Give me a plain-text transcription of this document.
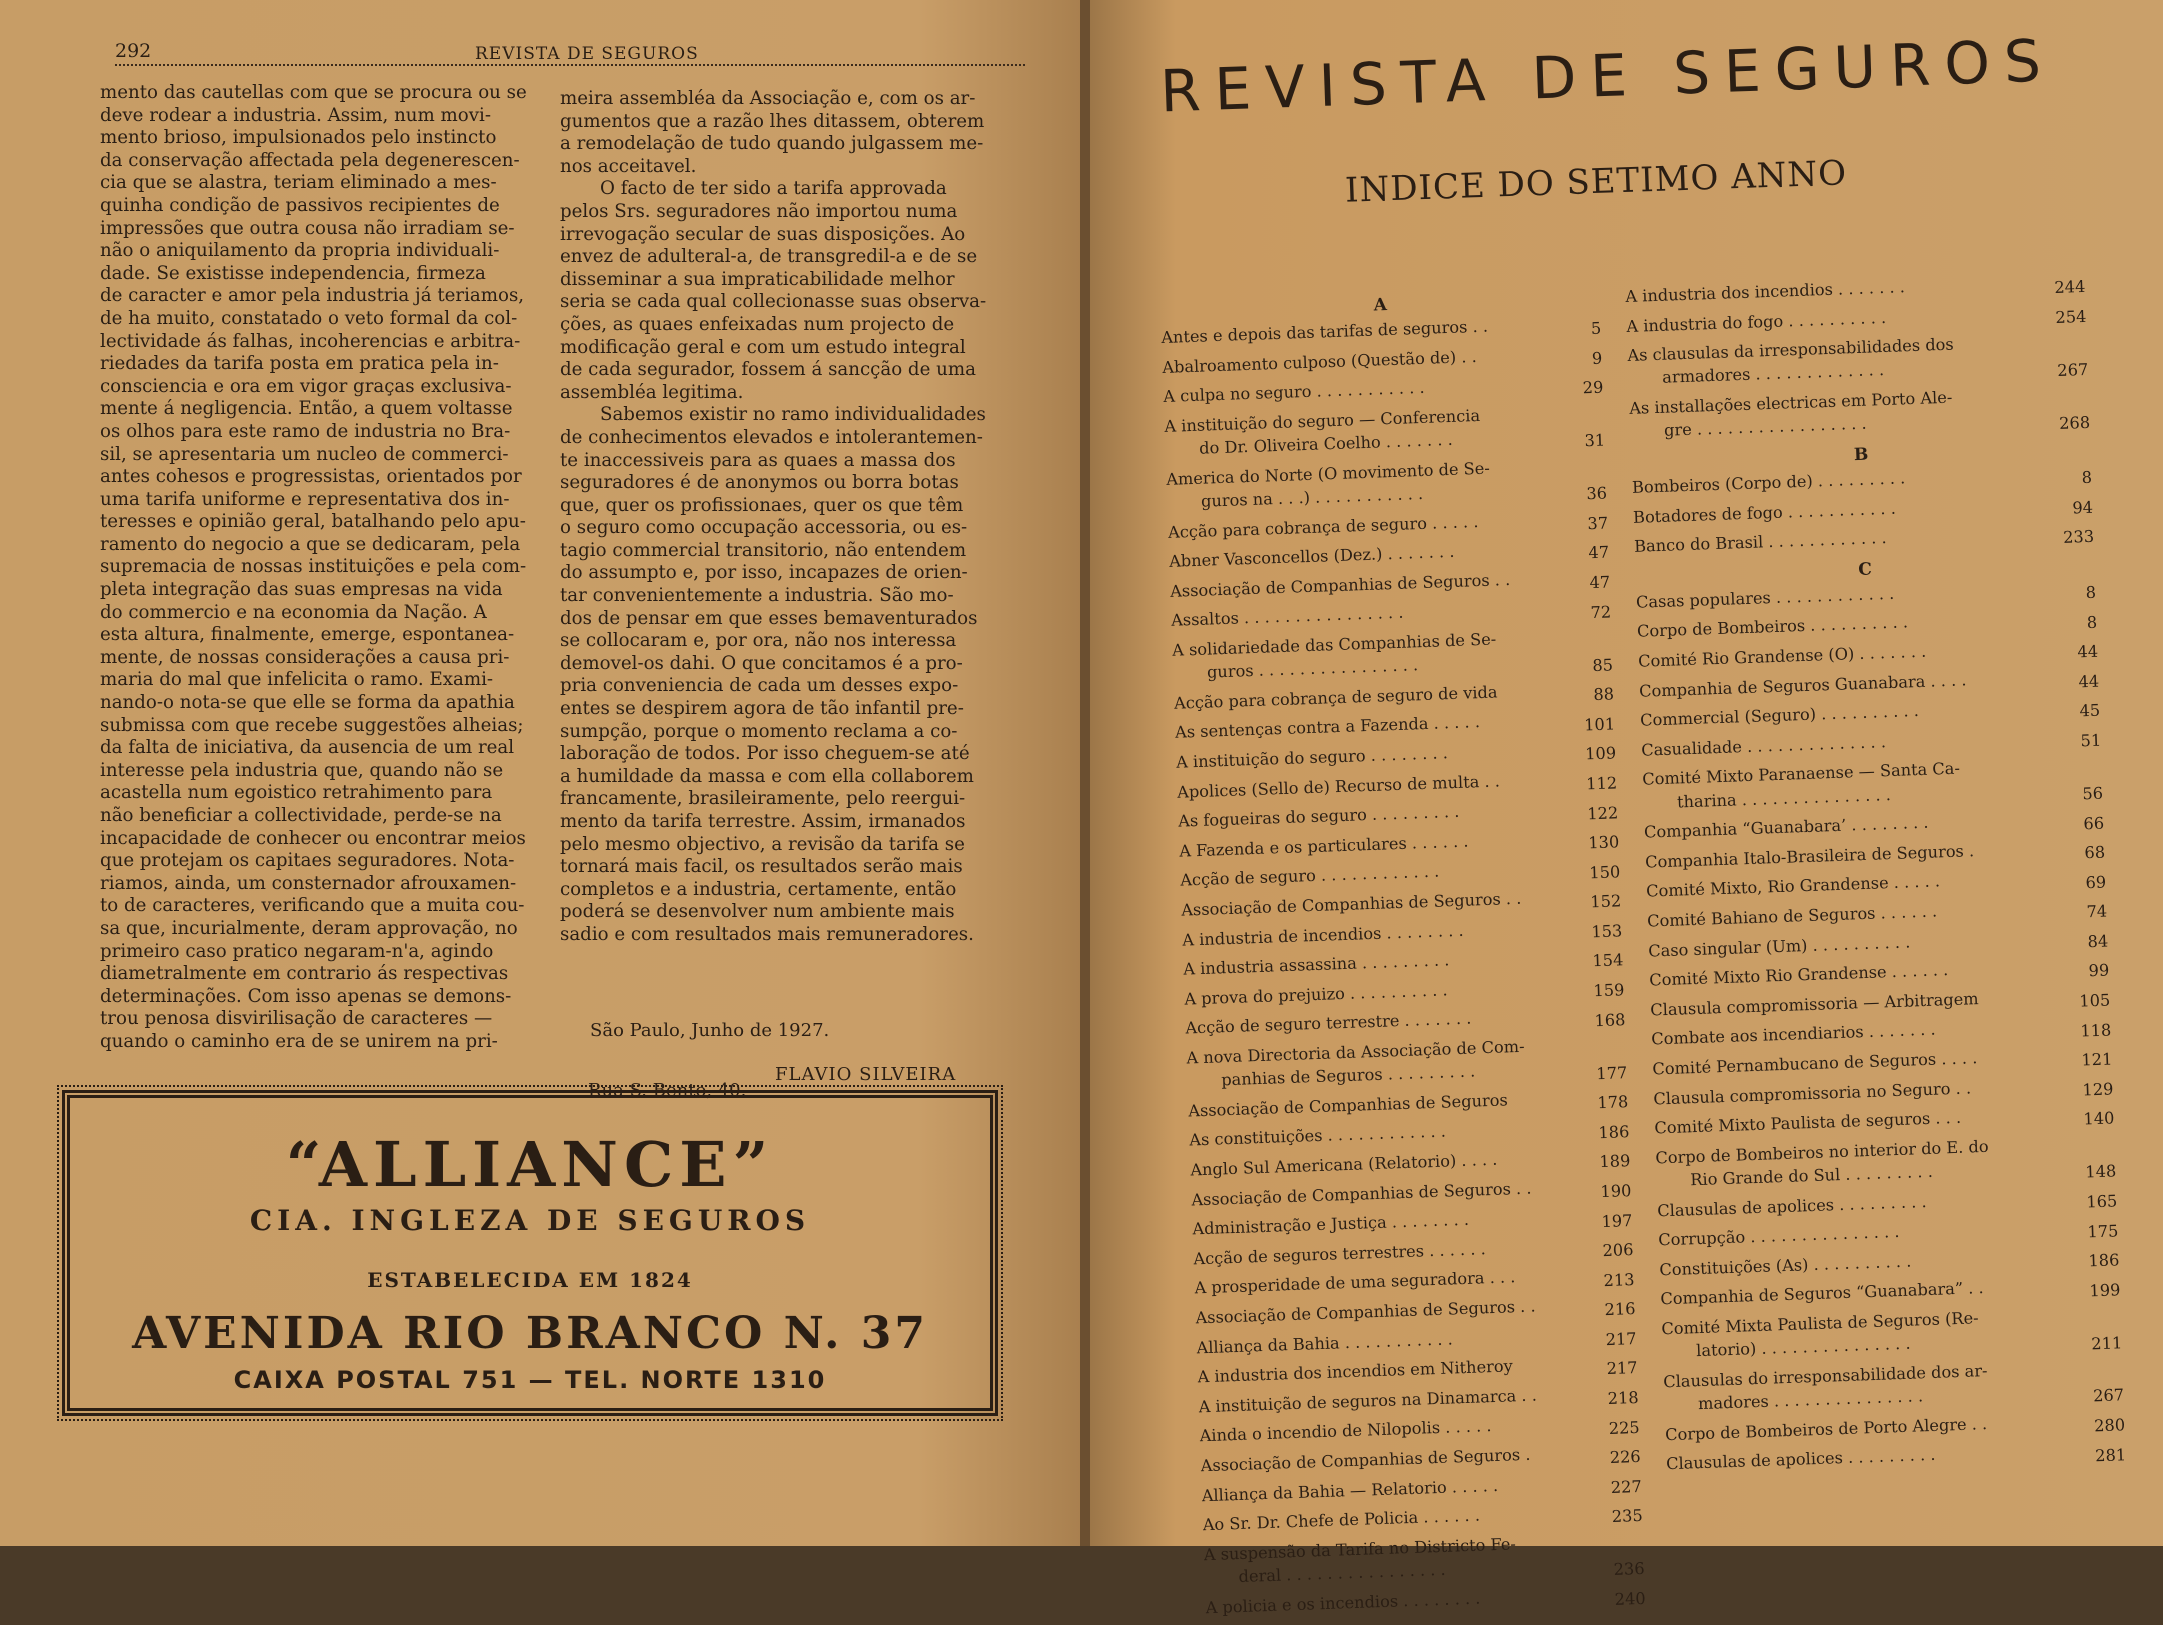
292	REVISTA DE SEGUROS
mento das cautellas com que se procura ou se
deve rodear a industria. Assim, num movi-
mento brioso, impulsionados pelo instincto
da conservação affectada pela degenerescen-
cia que se alastra, teriam eliminado a mes-
quinha condição de passivos recipientes de
impressões que outra cousa não irradiam se-
não o aniquilamento da propria individuali-
dade. Se existisse independencia, firmeza
de caracter e amor pela industria já teriamos,
de ha muito, constatado o veto formal da col-
lectividade ás falhas, incoherencias e arbitra-
riedades da tarifa posta em pratica pela in-
consciencia e ora em vigor graças exclusiva-
mente á negligencia. Então, a quem voltasse
os olhos para este ramo de industria no Bra-
sil, se apresentaria um nucleo de commerci-
antes cohesos e progressistas, orientados por
uma tarifa uniforme e representativa dos in-
teresses e opinião geral, batalhando pelo apu-
ramento do negocio a que se dedicaram, pela
supremacia de nossas instituições e pela com-
pleta integração das suas empresas na vida
do commercio e na economia da Nação. A
esta altura, finalmente, emerge, espontanea-
mente, de nossas considerações a causa pri-
maria do mal que infelicita o ramo. Exami-
nando-o nota-se que elle se forma da apathia
submissa com que recebe suggestões alheias;
da falta de iniciativa, da ausencia de um real
interesse pela industria que, quando não se
acastella num egoistico retrahimento para
não beneficiar a collectividade, perde-se na
incapacidade de conhecer ou encontrar meios
que protejam os capitaes seguradores. Nota-
riamos, ainda, um consternador afrouxamen-
to de caracteres, verificando que a muita cou-
sa que, incurialmente, deram approvação, no
primeiro caso pratico negaram-n'a, agindo
diametralmente em contrario ás respectivas
determinações. Com isso apenas se demons-
trou penosa disvirilisação de caracteres —
quando o caminho era de se unirem na pri-
meira assembléa da Associação e, com os ar-
gumentos que a razão lhes ditassem, obterem
a remodelação de tudo quando julgassem me-
nos acceitavel.
O facto de ter sido a tarifa approvada
pelos Srs. seguradores não importou numa
irrevogação secular de suas disposições. Ao
envez de adulteral-a, de transgredil-a e de se
disseminar a sua impraticabilidade melhor
seria se cada qual collecionasse suas observa-
ções, as quaes enfeixadas num projecto de
modificação geral e com um estudo integral
de cada segurador, fossem á sancção de uma
assembléa legitima.
Sabemos existir no ramo individualidades
de conhecimentos elevados e intolerantemen-
te inaccessiveis para as quaes a massa dos
seguradores é de anonymos ou borra botas
que, quer os profissionaes, quer os que têm
o seguro como occupação accessoria, ou es-
tagio commercial transitorio, não entendem
do assumpto e, por isso, incapazes de orien-
tar convenientemente a industria. São mo-
dos de pensar em que esses bemaventurados
se collocaram e, por ora, não nos interessa
demovel-os dahi. O que concitamos é a pro-
pria conveniencia de cada um desses expo-
entes se despirem agora de tão infantil pre-
sumpção, porque o momento reclama a co-
laboração de todos. Por isso cheguem-se até
a humildade da massa e com ella collaborem
francamente, brasileiramente, pelo reergui-
mento da tarifa terrestre. Assim, irmanados
pelo mesmo objectivo, a revisão da tarifa se
tornará mais facil, os resultados serão mais
completos e a industria, certamente, então
poderá se desenvolver num ambiente mais
sadio e com resultados mais remuneradores.
São Paulo, Junho de 1927.
FLAVIO SILVEIRA
Rua S. Bento, 40.
“ALLIANCE”
CIA. INGLEZA DE SEGUROS
ESTABELECIDA EM 1824
AVENIDA RIO BRANCO N. 37
CAIXA POSTAL 751 — TEL. NORTE 1310
REVISTA DE SEGUROS
INDICE DO SETIMO ANNO
A
Antes e depois das tarifas de seguros . .	5
Abalroamento culposo (Questão de) . .	9
A culpa no seguro . . . . . . . . . . .	29
A instituição do seguro — Conferencia
do Dr. Oliveira Coelho . . . . . . .	31
America do Norte (O movimento de Se-
guros na . . .) . . . . . . . . . . .	36
Acção para cobrança de seguro . . . . .	37
Abner Vasconcellos (Dez.) . . . . . . .	47
Associação de Companhias de Seguros . .	47
Assaltos . . . . . . . . . . . . . . . .	72
A solidariedade das Companhias de Se-
guros . . . . . . . . . . . . . . . .	85
Acção para cobrança de seguro de vida	88
As sentenças contra a Fazenda . . . . .	101
A instituição do seguro . . . . . . . .	109
Apolices (Sello de) Recurso de multa . .	112
As fogueiras do seguro . . . . . . . . .	122
A Fazenda e os particulares . . . . . .	130
Acção de seguro . . . . . . . . . . . .	150
Associação de Companhias de Seguros . .	152
A industria de incendios . . . . . . . .	153
A industria assassina . . . . . . . . .	154
A prova do prejuizo . . . . . . . . . .	159
Acção de seguro terrestre . . . . . . .	168
A nova Directoria da Associação de Com-
panhias de Seguros . . . . . . . . .	177
Associação de Companhias de Seguros	178
As constituições . . . . . . . . . . . .	186
Anglo Sul Americana (Relatorio) . . . .	189
Associação de Companhias de Seguros . .	190
Administração e Justiça . . . . . . . .	197
Acção de seguros terrestres . . . . . .	206
A prosperidade de uma seguradora . . .	213
Associação de Companhias de Seguros . .	216
Alliança da Bahia . . . . . . . . . . .	217
A industria dos incendios em Nitheroy	217
A instituição de seguros na Dinamarca . .	218
Ainda o incendio de Nilopolis . . . . .	225
Associação de Companhias de Seguros .	226
Alliança da Bahia — Relatorio . . . . .	227
Ao Sr. Dr. Chefe de Policia . . . . . .	235
A suspensão da Tarifa no Districto Fe-
deral . . . . . . . . . . . . . . . .	236
A policia e os incendios . . . . . . . .	240
A industria dos incendios . . . . . . .	244
A industria do fogo . . . . . . . . . .	254
As clausulas da irresponsabilidades dos
armadores . . . . . . . . . . . . .	267
As installações electricas em Porto Ale-
gre . . . . . . . . . . . . . . . . .	268
B
Bombeiros (Corpo de) . . . . . . . . .	8
Botadores de fogo . . . . . . . . . . .	94
Banco do Brasil . . . . . . . . . . . .	233
C
Casas populares . . . . . . . . . . . .	8
Corpo de Bombeiros . . . . . . . . . .	8
Comité Rio Grandense (O) . . . . . . .	44
Companhia de Seguros Guanabara . . . .	44
Commercial (Seguro) . . . . . . . . . .	45
Casualidade . . . . . . . . . . . . . .	51
Comité Mixto Paranaense — Santa Ca-
tharina . . . . . . . . . . . . . . .	56
Companhia “Guanabara’ . . . . . . . .	66
Companhia Italo-Brasileira de Seguros .	68
Comité Mixto, Rio Grandense . . . . .	69
Comité Bahiano de Seguros . . . . . .	74
Caso singular (Um) . . . . . . . . . .	84
Comité Mixto Rio Grandense . . . . . .	99
Clausula compromissoria — Arbitragem	105
Combate aos incendiarios . . . . . . .	118
Comité Pernambucano de Seguros . . . .	121
Clausula compromissoria no Seguro . .	129
Comité Mixto Paulista de seguros . . .	140
Corpo de Bombeiros no interior do E. do
Rio Grande do Sul . . . . . . . . .	148
Clausulas de apolices . . . . . . . . .	165
Corrupção . . . . . . . . . . . . . . .	175
Constituições (As) . . . . . . . . . .	186
Companhia de Seguros “Guanabara” . .	199
Comité Mixta Paulista de Seguros (Re-
latorio) . . . . . . . . . . . . . . .	211
Clausulas do irresponsabilidade dos ar-
madores . . . . . . . . . . . . . . .	267
Corpo de Bombeiros de Porto Alegre . .	280
Clausulas de apolices . . . . . . . . .	281
